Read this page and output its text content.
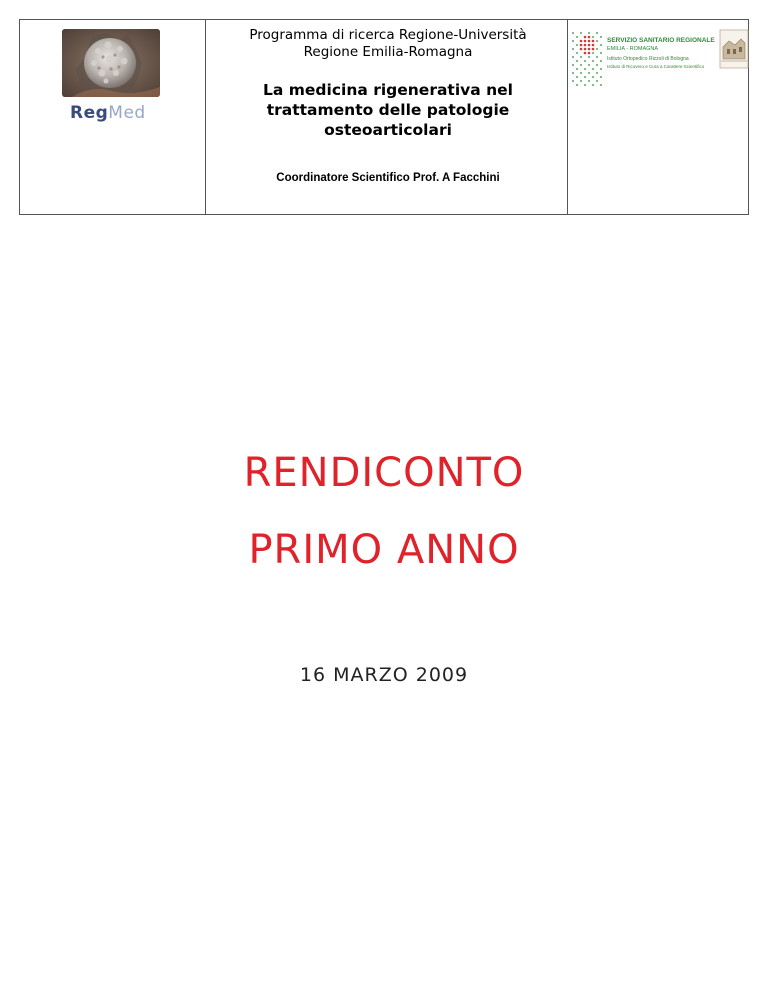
RegMed
Programma di ricerca Regione-Università
Regione Emilia-Romagna
La medicina rigenerativa nel
trattamento delle patologie
osteoarticolari
Coordinatore Scientifico Prof. A Facchini
SERVIZIO SANITARIO REGIONALE
EMILIA - ROMAGNA
Istituto Ortopedico Rizzoli di Bologna
Istituto di Ricovero e Cura a Carattere Scientifico
RENDICONTO
PRIMO ANNO
16 MARZO 2009
